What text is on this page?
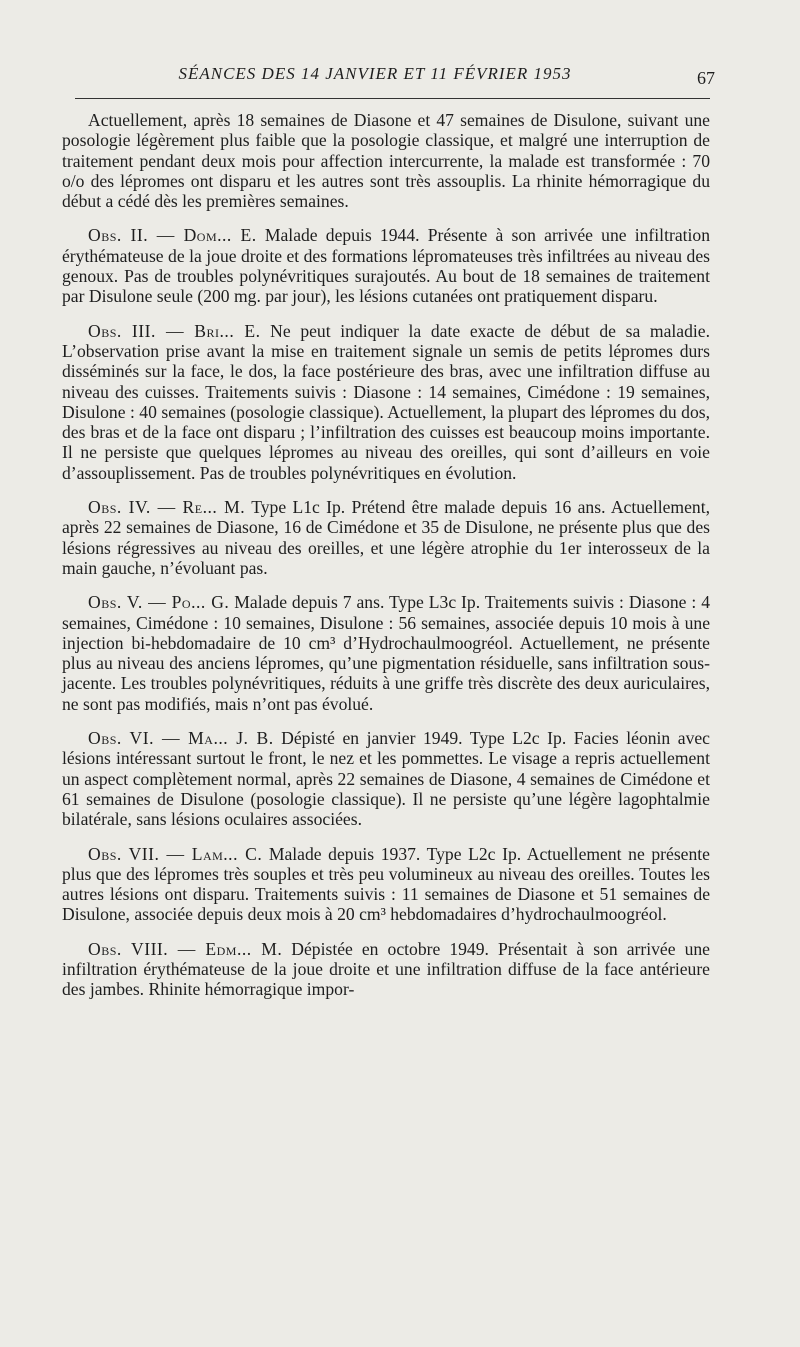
SÉANCES DES 14 JANVIER ET 11 FÉVRIER 1953	67

Actuellement, après 18 semaines de Diasone et 47 semaines de Disulone, suivant une posologie légèrement plus faible que la posologie classique, et malgré une interruption de traitement pendant deux mois pour affection intercurrente, la malade est transformée : 70 o/o des lépromes ont disparu et les autres sont très assouplis. La rhinite hémorragique du début a cédé dès les premières semaines.

Obs. II. — Dom... E. Malade depuis 1944. Présente à son arrivée une infiltration érythémateuse de la joue droite et des formations lépromateuses très infiltrées au niveau des genoux. Pas de troubles polynévritiques surajoutés. Au bout de 18 semaines de traitement par Disulone seule (200 mg. par jour), les lésions cutanées ont pratiquement disparu.

Obs. III. — Bri... E. Ne peut indiquer la date exacte de début de sa maladie. L’observation prise avant la mise en traitement signale un semis de petits lépromes durs disséminés sur la face, le dos, la face postérieure des bras, avec une infiltration diffuse au niveau des cuisses. Traitements suivis : Diasone : 14 semaines, Cimédone : 19 semaines, Disulone : 40 semaines (posologie classique). Actuellement, la plupart des lépromes du dos, des bras et de la face ont disparu ; l’infiltration des cuisses est beaucoup moins importante. Il ne persiste que quelques lépromes au niveau des oreilles, qui sont d’ailleurs en voie d’assouplissement. Pas de troubles polynévritiques en évolution.

Obs. IV. — Re... M. Type L1c Ip. Prétend être malade depuis 16 ans. Actuellement, après 22 semaines de Diasone, 16 de Cimédone et 35 de Disulone, ne présente plus que des lésions régressives au niveau des oreilles, et une légère atrophie du 1er interosseux de la main gauche, n’évoluant pas.

Obs. V. — Po... G. Malade depuis 7 ans. Type L3c Ip. Traitements suivis : Diasone : 4 semaines, Cimédone : 10 semaines, Disulone : 56 semaines, associée depuis 10 mois à une injection bi-hebdomadaire de 10 cm³ d’Hydrochaulmoogréol. Actuellement, ne présente plus au niveau des anciens lépromes, qu’une pigmentation résiduelle, sans infiltration sous-jacente. Les troubles polynévritiques, réduits à une griffe très discrète des deux auriculaires, ne sont pas modifiés, mais n’ont pas évolué.

Obs. VI. — Ma... J. B. Dépisté en janvier 1949. Type L2c Ip. Facies léonin avec lésions intéressant surtout le front, le nez et les pommettes. Le visage a repris actuellement un aspect complètement normal, après 22 semaines de Diasone, 4 semaines de Cimédone et 61 semaines de Disulone (posologie classique). Il ne persiste qu’une légère lagophtalmie bilatérale, sans lésions oculaires associées.

Obs. VII. — Lam... C. Malade depuis 1937. Type L2c Ip. Actuellement ne présente plus que des lépromes très souples et très peu volumineux au niveau des oreilles. Toutes les autres lésions ont disparu. Traitements suivis : 11 semaines de Diasone et 51 semaines de Disulone, associée depuis deux mois à 20 cm³ hebdomadaires d’hydrochaulmoogréol.

Obs. VIII. — Edm... M. Dépistée en octobre 1949. Présentait à son arrivée une infiltration érythémateuse de la joue droite et une infiltration diffuse de la face antérieure des jambes. Rhinite hémorragique impor-
